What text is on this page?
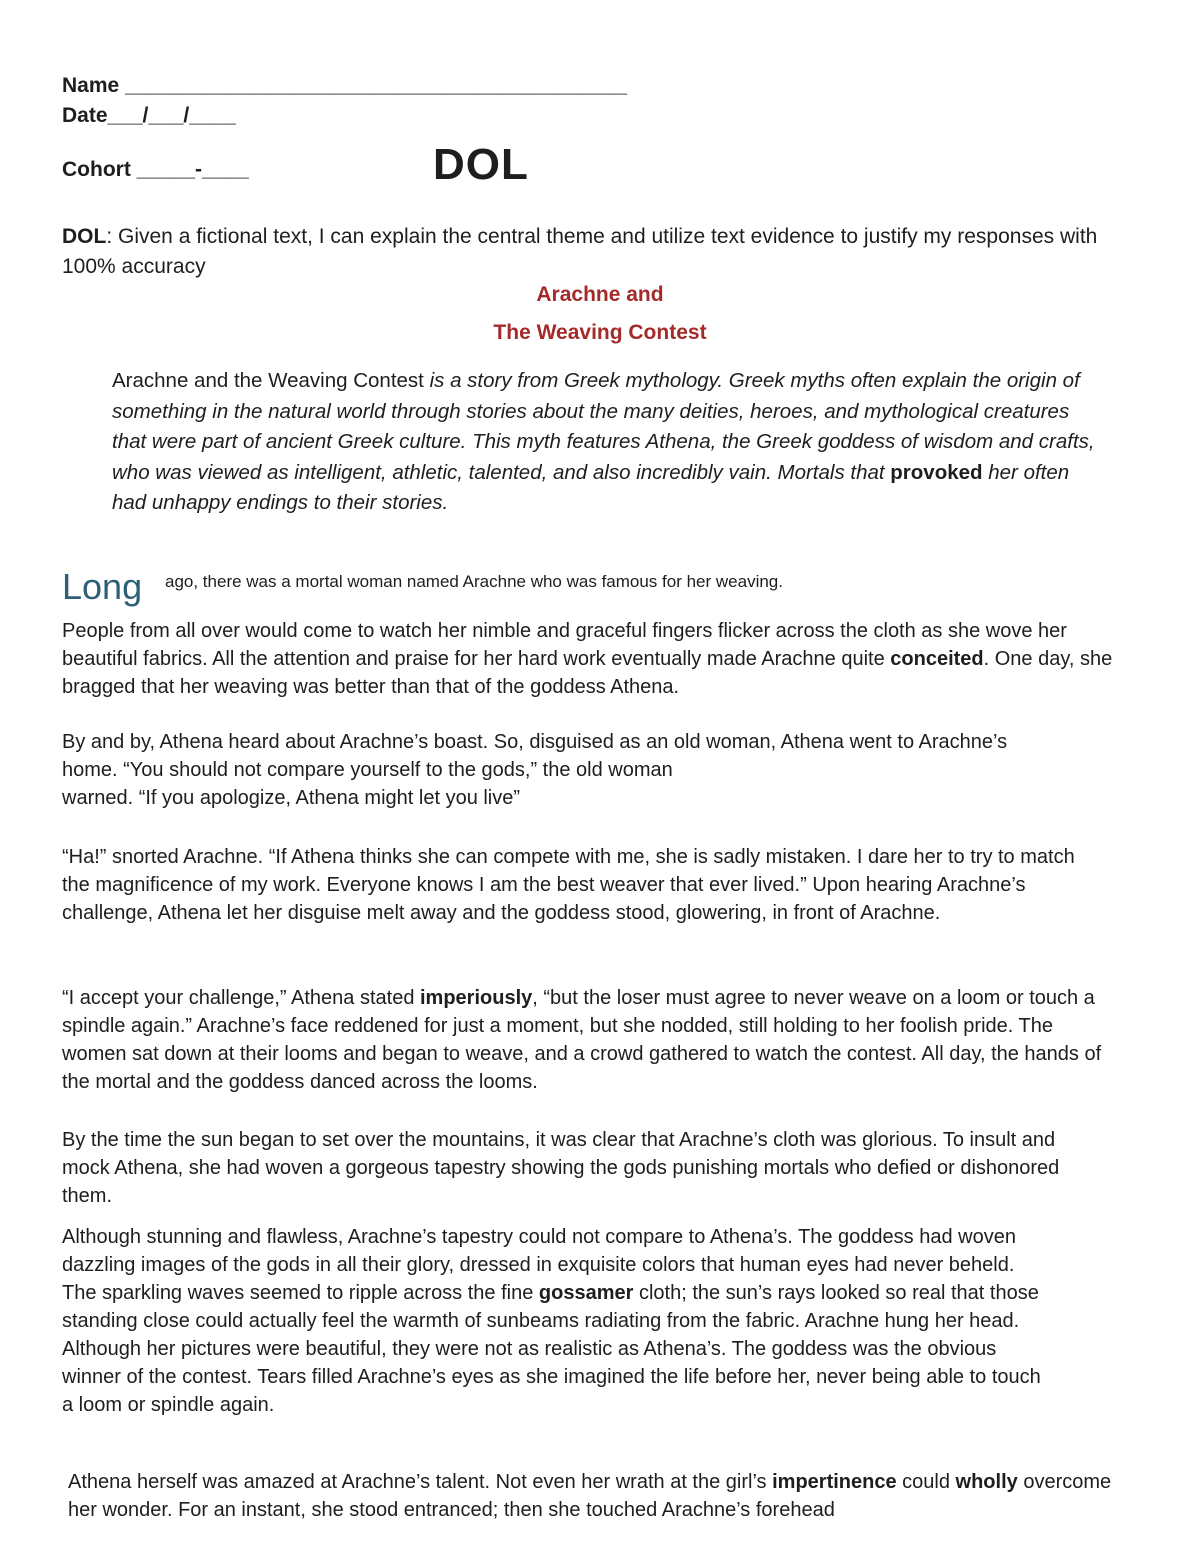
Name ___________________________________________

Date___/___/____

Cohort _____-____	DOL

DOL: Given a fictional text, I can explain the central theme and utilize text evidence to justify my responses with 100% accuracy

Arachne and

The Weaving Contest

Arachne and the Weaving Contest is a story from Greek mythology. Greek myths often explain the origin of something in the natural world through stories about the many deities, heroes, and mythological creatures that were part of ancient Greek culture. This myth features Athena, the Greek goddess of wisdom and crafts, who was viewed as intelligent, athletic, talented, and also incredibly vain. Mortals that provoked her often had unhappy endings to their stories.

Long ago, there was a mortal woman named Arachne who was famous for her weaving.

People from all over would come to watch her nimble and graceful fingers flicker across the cloth as she wove her beautiful fabrics. All the attention and praise for her hard work eventually made Arachne quite conceited. One day, she bragged that her weaving was better than that of the goddess Athena.

By and by, Athena heard about Arachne’s boast. So, disguised as an old woman, Athena went to Arachne’s
home. “You should not compare yourself to the gods,” the old woman
warned. “If you apologize, Athena might let you live”

“Ha!” snorted Arachne. “If Athena thinks she can compete with me, she is sadly mistaken. I dare her to try to match the magnificence of my work. Everyone knows I am the best weaver that ever lived.” Upon hearing Arachne’s challenge, Athena let her disguise melt away and the goddess stood, glowering, in front of Arachne.

“I accept your challenge,” Athena stated imperiously, “but the loser must agree to never weave on a loom or touch a spindle again.” Arachne’s face reddened for just a moment, but she nodded, still holding to her foolish pride. The women sat down at their looms and began to weave, and a crowd gathered to watch the contest. All day, the hands of the mortal and the goddess danced across the looms.

By the time the sun began to set over the mountains, it was clear that Arachne’s cloth was glorious. To insult and mock Athena, she had woven a gorgeous tapestry showing the gods punishing mortals who defied or dishonored them.

Although stunning and flawless, Arachne’s tapestry could not compare to Athena’s. The goddess had woven dazzling images of the gods in all their glory, dressed in exquisite colors that human eyes had never beheld. The sparkling waves seemed to ripple across the fine gossamer cloth; the sun’s rays looked so real that those standing close could actually feel the warmth of sunbeams radiating from the fabric. Arachne hung her head. Although her pictures were beautiful, they were not as realistic as Athena’s. The goddess was the obvious winner of the contest. Tears filled Arachne’s eyes as she imagined the life before her, never being able to touch a loom or spindle again.

Athena herself was amazed at Arachne’s talent. Not even her wrath at the girl’s impertinence could wholly overcome her wonder. For an instant, she stood entranced; then she touched Arachne’s forehead
